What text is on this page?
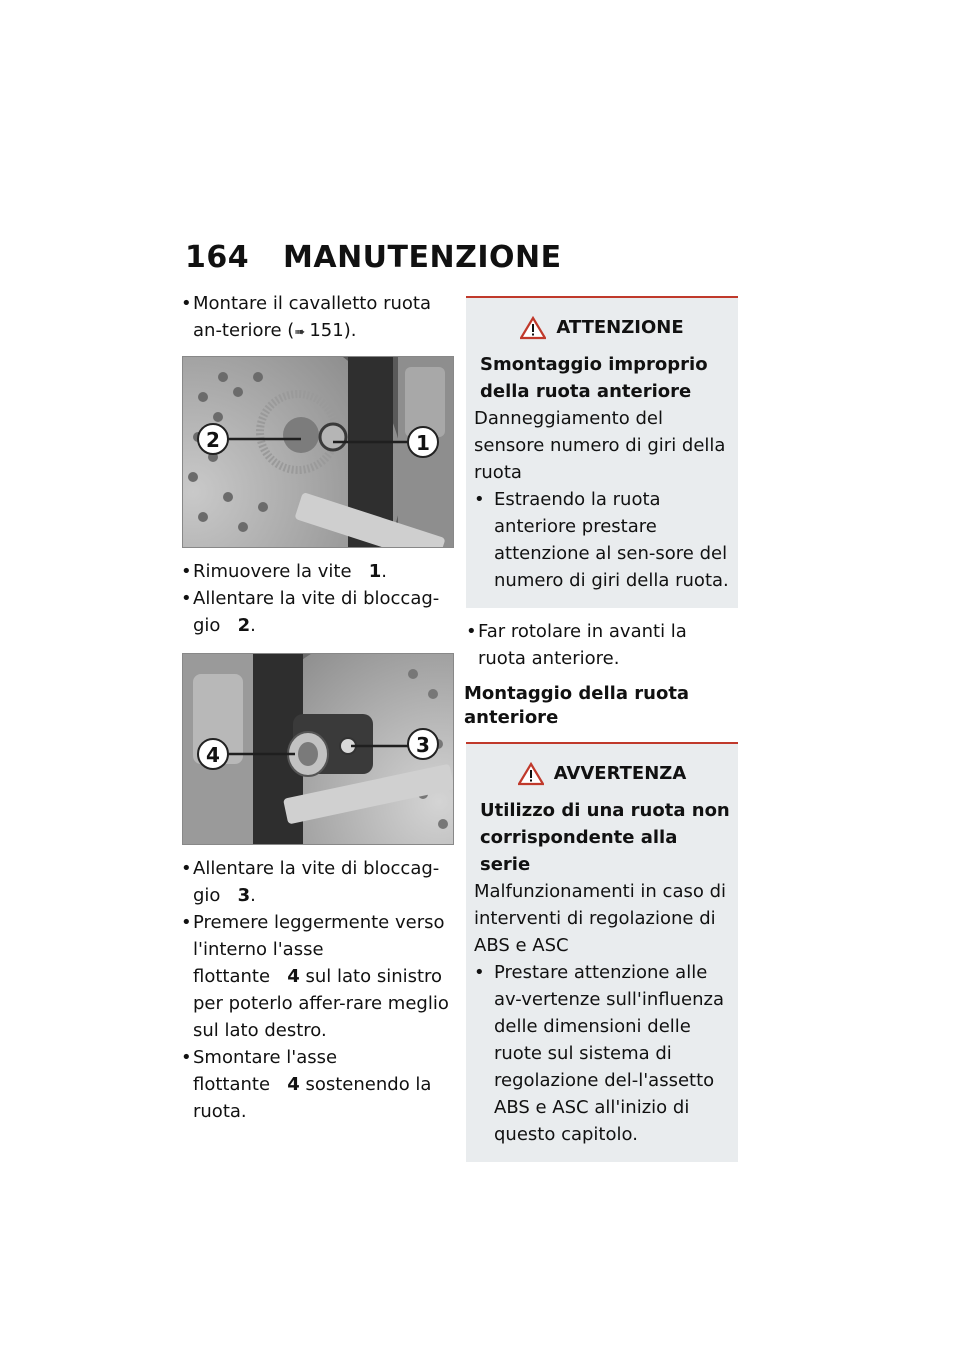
164 MANUTENZIONE
• Montare il cavalletto ruota an-teriore (➠ 151).
2	1
• Rimuovere la vite 1.
• Allentare la vite di bloccag-gio 2.
4	3
• Allentare la vite di bloccag-gio 3.
• Premere leggermente verso l'interno l'asse flottante 4 sul lato sinistro per poterlo affer-rare meglio sul lato destro.
• Smontare l'asse flottante 4 sostenendo la ruota.
ATTENZIONE
Smontaggio improprio della ruota anteriore
Danneggiamento del sensore numero di giri della ruota
• Estraendo la ruota anteriore prestare attenzione al sen-sore del numero di giri della ruota.
• Far rotolare in avanti la ruota anteriore.
Montaggio della ruota anteriore
AVVERTENZA
Utilizzo di una ruota non corrispondente alla serie
Malfunzionamenti in caso di interventi di regolazione di ABS e ASC
• Prestare attenzione alle av-vertenze sull'influenza delle dimensioni delle ruote sul sistema di regolazione del-l'assetto ABS e ASC all'inizio di questo capitolo.
